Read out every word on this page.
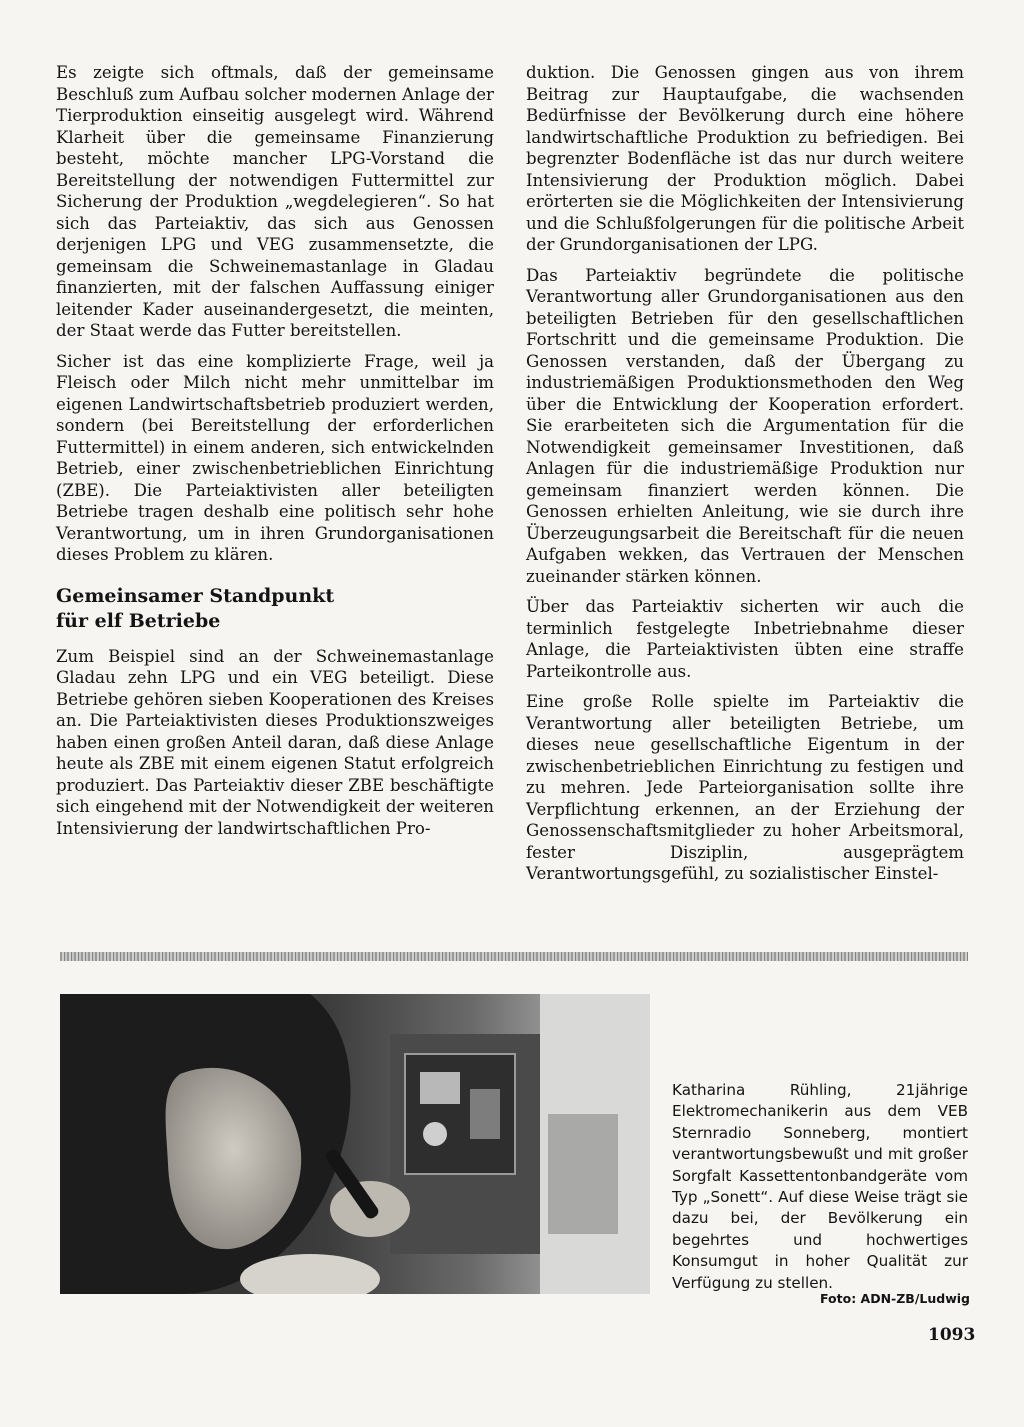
Es zeigte sich oftmals, daß der gemeinsame Beschluß zum Aufbau solcher modernen Anlage der Tierproduktion einseitig ausgelegt wird. Während Klarheit über die gemeinsame Finanzierung besteht, möchte mancher LPG-Vorstand die Bereitstellung der notwendigen Futtermittel zur Sicherung der Produktion „wegdelegieren“. So hat sich das Parteiaktiv, das sich aus Genossen derjenigen LPG und VEG zusammensetzte, die gemeinsam die Schweinemastanlage in Gladau finanzierten, mit der falschen Auffassung einiger leitender Kader auseinandergesetzt, die meinten, der Staat werde das Futter bereitstellen.

Sicher ist das eine komplizierte Frage, weil ja Fleisch oder Milch nicht mehr unmittelbar im eigenen Landwirtschaftsbetrieb produziert werden, sondern (bei Bereitstellung der erforderlichen Futtermittel) in einem anderen, sich entwickelnden Betrieb, einer zwischenbetrieblichen Einrichtung (ZBE). Die Parteiaktivisten aller beteiligten Betriebe tragen deshalb eine politisch sehr hohe Verantwortung, um in ihren Grundorganisationen dieses Problem zu klären.

Gemeinsamer Standpunkt
für elf Betriebe

Zum Beispiel sind an der Schweinemastanlage Gladau zehn LPG und ein VEG beteiligt. Diese Betriebe gehören sieben Kooperationen des Kreises an. Die Parteiaktivisten dieses Produktionszweiges haben einen großen Anteil daran, daß diese Anlage heute als ZBE mit einem eigenen Statut erfolgreich produziert. Das Parteiaktiv dieser ZBE beschäftigte sich eingehend mit der Notwendigkeit der weiteren Intensivierung der landwirtschaftlichen Pro-

duktion. Die Genossen gingen aus von ihrem Beitrag zur Hauptaufgabe, die wachsenden Bedürfnisse der Bevölkerung durch eine höhere landwirtschaftliche Produktion zu befriedigen. Bei begrenzter Bodenfläche ist das nur durch weitere Intensivierung der Produktion möglich. Dabei erörterten sie die Möglichkeiten der Intensivierung und die Schlußfolgerungen für die politische Arbeit der Grundorganisationen der LPG.

Das Parteiaktiv begründete die politische Verantwortung aller Grundorganisationen aus den beteiligten Betrieben für den gesellschaftlichen Fortschritt und die gemeinsame Produktion. Die Genossen verstanden, daß der Übergang zu industriemäßigen Produktionsmethoden den Weg über die Entwicklung der Kooperation erfordert. Sie erarbeiteten sich die Argumentation für die Notwendigkeit gemeinsamer Investitionen, daß Anlagen für die industriemäßige Produktion nur gemeinsam finanziert werden können. Die Genossen erhielten Anleitung, wie sie durch ihre Überzeugungsarbeit die Bereitschaft für die neuen Aufgaben wekken, das Vertrauen der Menschen zueinander stärken können.

Über das Parteiaktiv sicherten wir auch die terminlich festgelegte Inbetriebnahme dieser Anlage, die Parteiaktivisten übten eine straffe Parteikontrolle aus.

Eine große Rolle spielte im Parteiaktiv die Verantwortung aller beteiligten Betriebe, um dieses neue gesellschaftliche Eigentum in der zwischenbetrieblichen Einrichtung zu festigen und zu mehren. Jede Parteiorganisation sollte ihre Verpflichtung erkennen, an der Erziehung der Genossenschaftsmitglieder zu hoher Arbeitsmoral, fester Disziplin, ausgeprägtem Verantwortungsgefühl, zu sozialistischer Einstel-

Katharina Rühling, 21jährige Elektromechanikerin aus dem VEB Sternradio Sonneberg, montiert verantwortungsbewußt und mit großer Sorgfalt Kassettentonbandgeräte vom Typ „Sonett“. Auf diese Weise trägt sie dazu bei, der Bevölkerung ein begehrtes und hochwertiges Konsumgut in hoher Qualität zur Verfügung zu stellen.
Foto: ADN-ZB/Ludwig
1093
